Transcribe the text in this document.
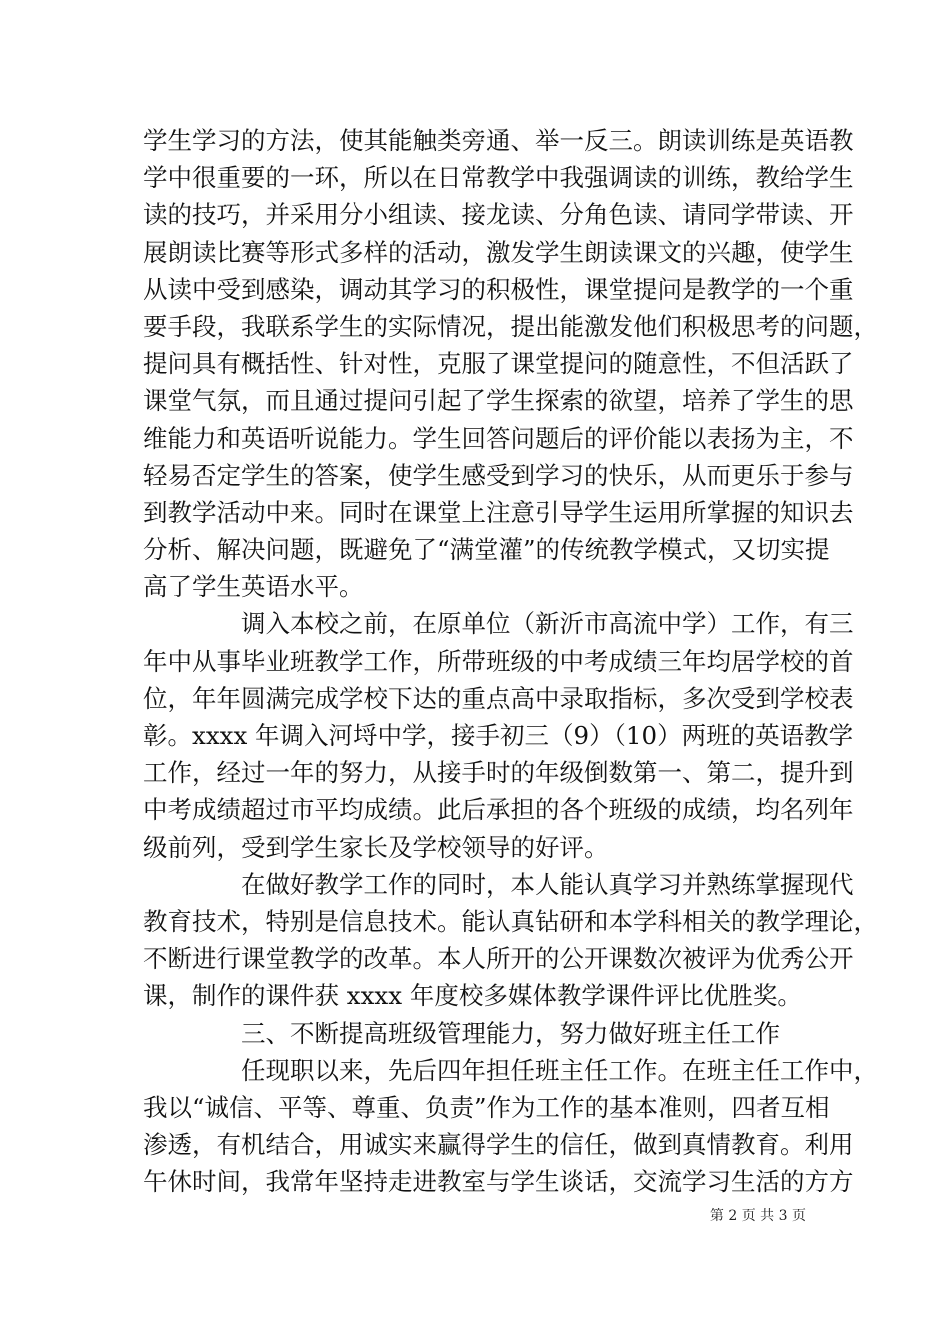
学生学习的方法，使其能触类旁通、举一反三。朗读训练是英语教
学中很重要的一环，所以在日常教学中我强调读的训练，教给学生
读的技巧，并采用分小组读、接龙读、分角色读、请同学带读、开
展朗读比赛等形式多样的活动，激发学生朗读课文的兴趣，使学生
从读中受到感染，调动其学习的积极性，课堂提问是教学的一个重
要手段，我联系学生的实际情况，提出能激发他们积极思考的问题，
提问具有概括性、针对性，克服了课堂提问的随意性，不但活跃了
课堂气氛，而且通过提问引起了学生探索的欲望，培养了学生的思
维能力和英语听说能力。学生回答问题后的评价能以表扬为主，不
轻易否定学生的答案，使学生感受到学习的快乐，从而更乐于参与
到教学活动中来。同时在课堂上注意引导学生运用所掌握的知识去
分析、解决问题，既避免了“满堂灌”的传统教学模式，又切实提
高了学生英语水平。
调入本校之前，在原单位（新沂市高流中学）工作，有三
年中从事毕业班教学工作，所带班级的中考成绩三年均居学校的首
位，年年圆满完成学校下达的重点高中录取指标，多次受到学校表
彰。xxxx 年调入河埒中学，接手初三（9）（10）两班的英语教学
工作，经过一年的努力，从接手时的年级倒数第一、第二，提升到
中考成绩超过市平均成绩。此后承担的各个班级的成绩，均名列年
级前列，受到学生家长及学校领导的好评。
在做好教学工作的同时，本人能认真学习并熟练掌握现代
教育技术，特别是信息技术。能认真钻研和本学科相关的教学理论，
不断进行课堂教学的改革。本人所开的公开课数次被评为优秀公开
课，制作的课件获 xxxx 年度校多媒体教学课件评比优胜奖。
三、不断提高班级管理能力，努力做好班主任工作
任现职以来，先后四年担任班主任工作。在班主任工作中，
我以“诚信、平等、尊重、负责”作为工作的基本准则，四者互相
渗透，有机结合，用诚实来赢得学生的信任，做到真情教育。利用
午休时间，我常年坚持走进教室与学生谈话，交流学习生活的方方
第 2 页 共 3 页
